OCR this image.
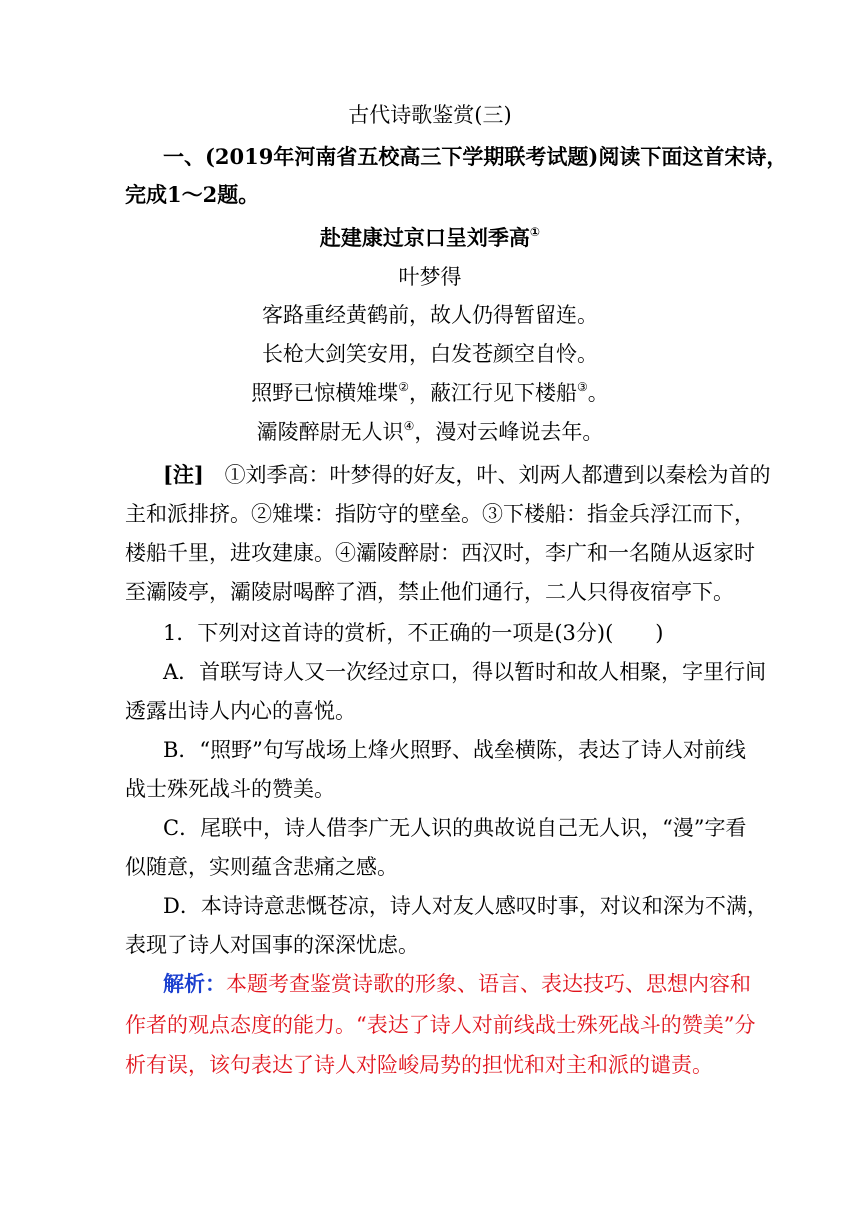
古代诗歌鉴赏(三)
一、(2019年河南省五校高三下学期联考试题)阅读下面这首宋诗，
完成1～2题。
赴建康过京口呈刘季高①
叶梦得
客路重经黄鹤前，故人仍得暂留连。
长枪大剑笑安用，白发苍颜空自怜。
照野已惊横雉堞②，蔽江行见下楼船③。
灞陵醉尉无人识④，漫对云峰说去年。
[注] ①刘季高：叶梦得的好友，叶、刘两人都遭到以秦桧为首的
主和派排挤。②雉堞：指防守的壁垒。③下楼船：指金兵浮江而下，
楼船千里，进攻建康。④灞陵醉尉：西汉时，李广和一名随从返家时
至灞陵亭，灞陵尉喝醉了酒，禁止他们通行，二人只得夜宿亭下。
1．下列对这首诗的赏析，不正确的一项是(3分)(　　)
A．首联写诗人又一次经过京口，得以暂时和故人相聚，字里行间
透露出诗人内心的喜悦。
B．“照野”句写战场上烽火照野、战垒横陈，表达了诗人对前线
战士殊死战斗的赞美。
C．尾联中，诗人借李广无人识的典故说自己无人识，“漫”字看
似随意，实则蕴含悲痛之感。
D．本诗诗意悲慨苍凉，诗人对友人感叹时事，对议和深为不满，
表现了诗人对国事的深深忧虑。
解析：本题考查鉴赏诗歌的形象、语言、表达技巧、思想内容和
作者的观点态度的能力。“表达了诗人对前线战士殊死战斗的赞美”分
析有误，该句表达了诗人对险峻局势的担忧和对主和派的谴责。
